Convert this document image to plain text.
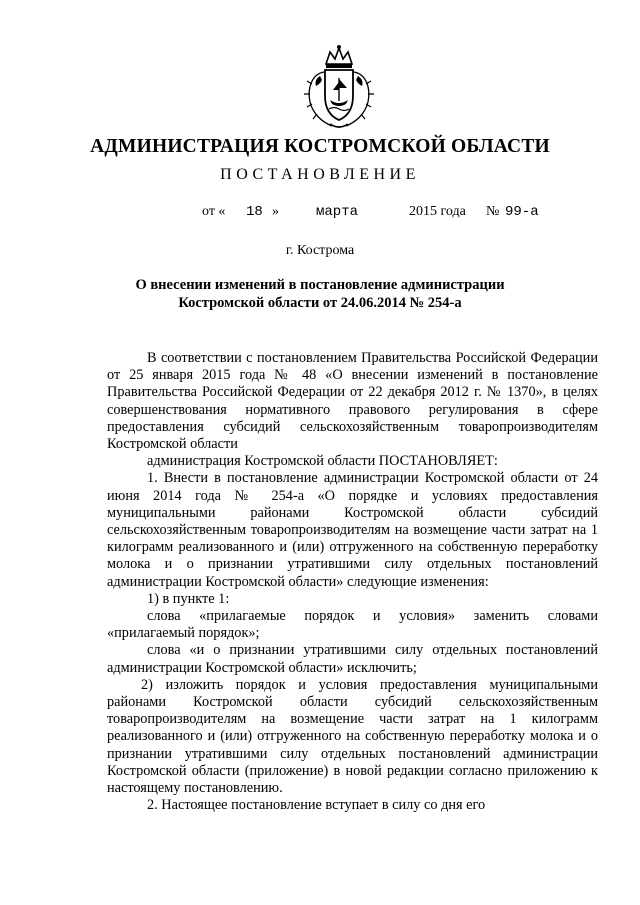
АДМИНИСТРАЦИЯ КОСТРОМСКОЙ ОБЛАСТИ
ПОСТАНОВЛЕНИЕ
от « 18 »	марта	2015 года № 99-а
г. Кострома
О внесении изменений в постановление администрации
Костромской области от 24.06.2014 № 254-а

В соответствии с постановлением Правительства Российской Федерации от 25 января 2015 года № 48 «О внесении изменений в постановление Правительства Российской Федерации от 22 декабря 2012 г. № 1370», в целях совершенствования нормативного правового регулирования в сфере предоставления субсидий сельскохозяйственным товаропроизводителям Костромской области

администрация Костромской области ПОСТАНОВЛЯЕТ:

1. Внести в постановление администрации Костромской области от 24 июня 2014 года № 254-а «О порядке и условиях предоставления муниципальными районами Костромской области субсидий сельскохозяйственным товаропроизводителям на возмещение части затрат на 1 килограмм реализованного и (или) отгруженного на собственную переработку молока и о признании утратившими силу отдельных постановлений администрации Костромской области» следующие изменения:

1) в пункте 1:

слова «прилагаемые порядок и условия» заменить словами «прилагаемый порядок»;

слова «и о признании утратившими силу отдельных постановлений администрации Костромской области» исключить;

2) изложить порядок и условия предоставления муниципальными районами Костромской области субсидий сельскохозяйственным товаропроизводителям на возмещение части затрат на 1 килограмм реализованного и (или) отгруженного на собственную переработку молока и о признании утратившими силу отдельных постановлений администрации Костромской области (приложение) в новой редакции согласно приложению к настоящему постановлению.

2. Настоящее постановление вступает в силу со дня его
